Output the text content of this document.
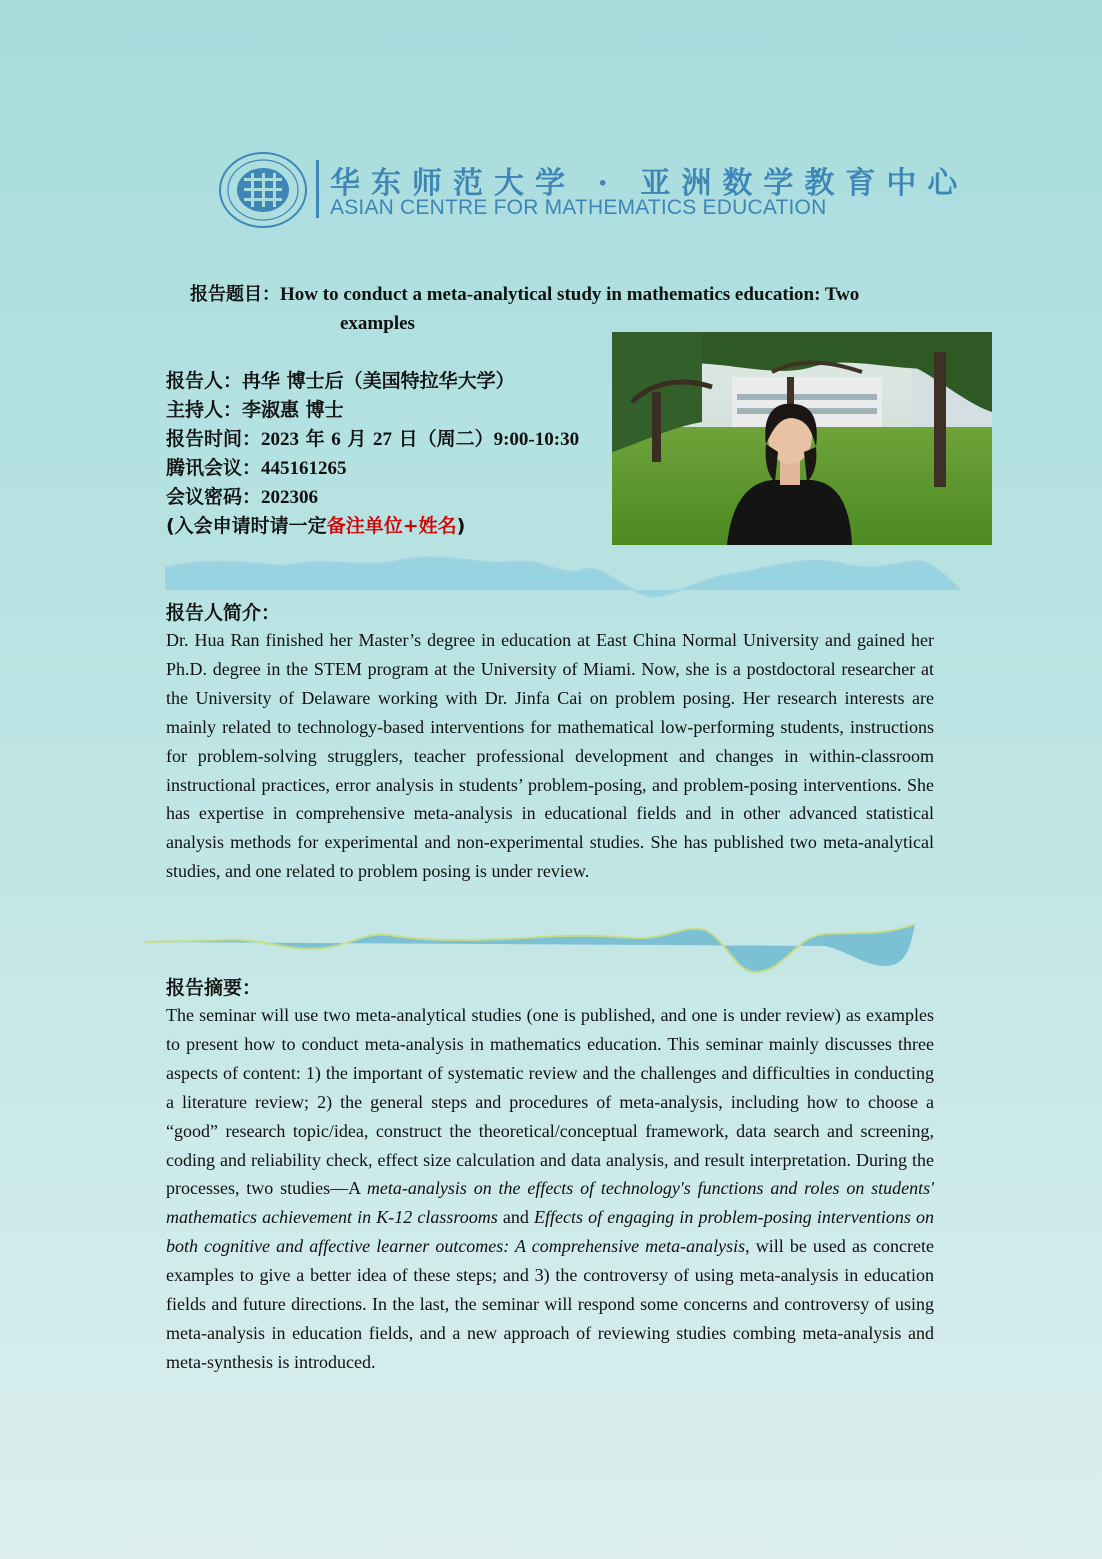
华东师范大学 · 亚洲数学教育中心
ASIAN CENTRE FOR MATHEMATICS EDUCATION
报告题目：How to conduct a meta-analytical study in mathematics education: Two
examples
报告人：冉华 博士后（美国特拉华大学）
主持人：李淑惠 博士
报告时间：2023 年 6 月 27 日（周二）9:00-10:30
腾讯会议：445161265
会议密码：202306
(入会申请时请一定备注单位+姓名)
报告人简介：
Dr. Hua Ran finished her Master’s degree in education at East China Normal University and gained her Ph.D. degree in the STEM program at the University of Miami. Now, she is a postdoctoral researcher at the University of Delaware working with Dr. Jinfa Cai on problem posing. Her research interests are mainly related to technology-based interventions for mathematical low-performing students, instructions for problem-solving strugglers, teacher professional development and changes in within-classroom instructional practices, error analysis in students’ problem-posing, and problem-posing interventions. She has expertise in comprehensive meta-analysis in educational fields and in other advanced statistical analysis methods for experimental and non-experimental studies. She has published two meta-analytical studies, and one related to problem posing is under review.
报告摘要：
The seminar will use two meta-analytical studies (one is published, and one is under review) as examples to present how to conduct meta-analysis in mathematics education. This seminar mainly discusses three aspects of content: 1) the important of systematic review and the challenges and difficulties in conducting a literature review; 2) the general steps and procedures of meta-analysis, including how to choose a “good” research topic/idea, construct the theoretical/conceptual framework, data search and screening, coding and reliability check, effect size calculation and data analysis, and result interpretation. During the processes, two studies—A meta-analysis on the effects of technology's functions and roles on students' mathematics achievement in K-12 classrooms and Effects of engaging in problem-posing interventions on both cognitive and affective learner outcomes: A comprehensive meta-analysis, will be used as concrete examples to give a better idea of these steps; and 3) the controversy of using meta-analysis in education fields and future directions. In the last, the seminar will respond some concerns and controversy of using meta-analysis in education fields, and a new approach of reviewing studies combing meta-analysis and meta-synthesis is introduced.
